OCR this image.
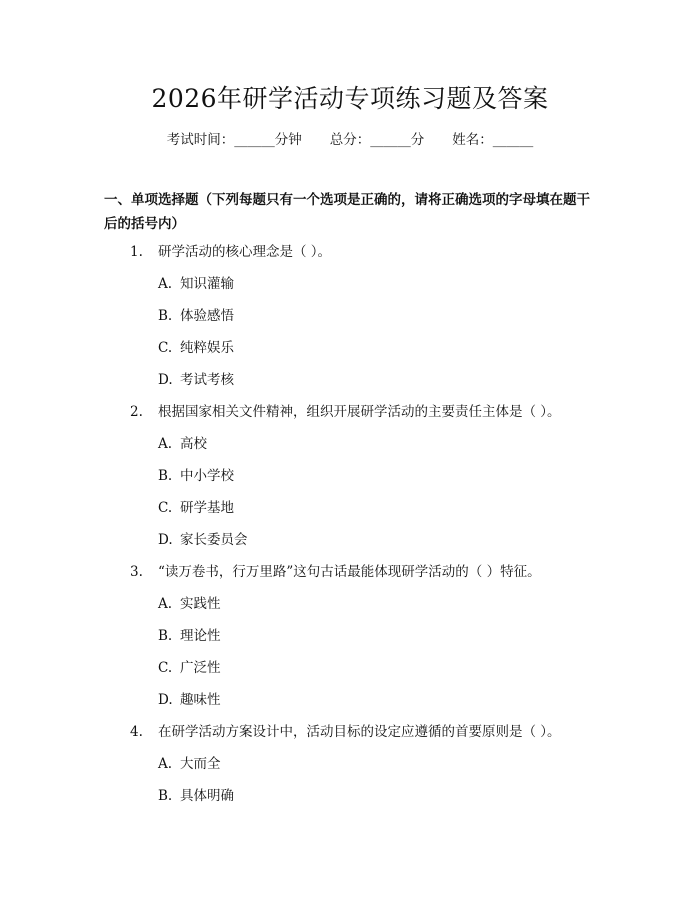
2026年研学活动专项练习题及答案
考试时间：______分钟 总分：______分 姓名：______
一、单项选择题（下列每题只有一个选项是正确的，请将正确选项的字母填在题干后的括号内）
1. 研学活动的核心理念是（ ）。
A. 知识灌输
B. 体验感悟
C. 纯粹娱乐
D. 考试考核
2. 根据国家相关文件精神，组织开展研学活动的主要责任主体是（ ）。
A. 高校
B. 中小学校
C. 研学基地
D. 家长委员会
3. “读万卷书，行万里路”这句古话最能体现研学活动的（ ）特征。
A. 实践性
B. 理论性
C. 广泛性
D. 趣味性
4. 在研学活动方案设计中，活动目标的设定应遵循的首要原则是（ ）。
A. 大而全
B. 具体明确
